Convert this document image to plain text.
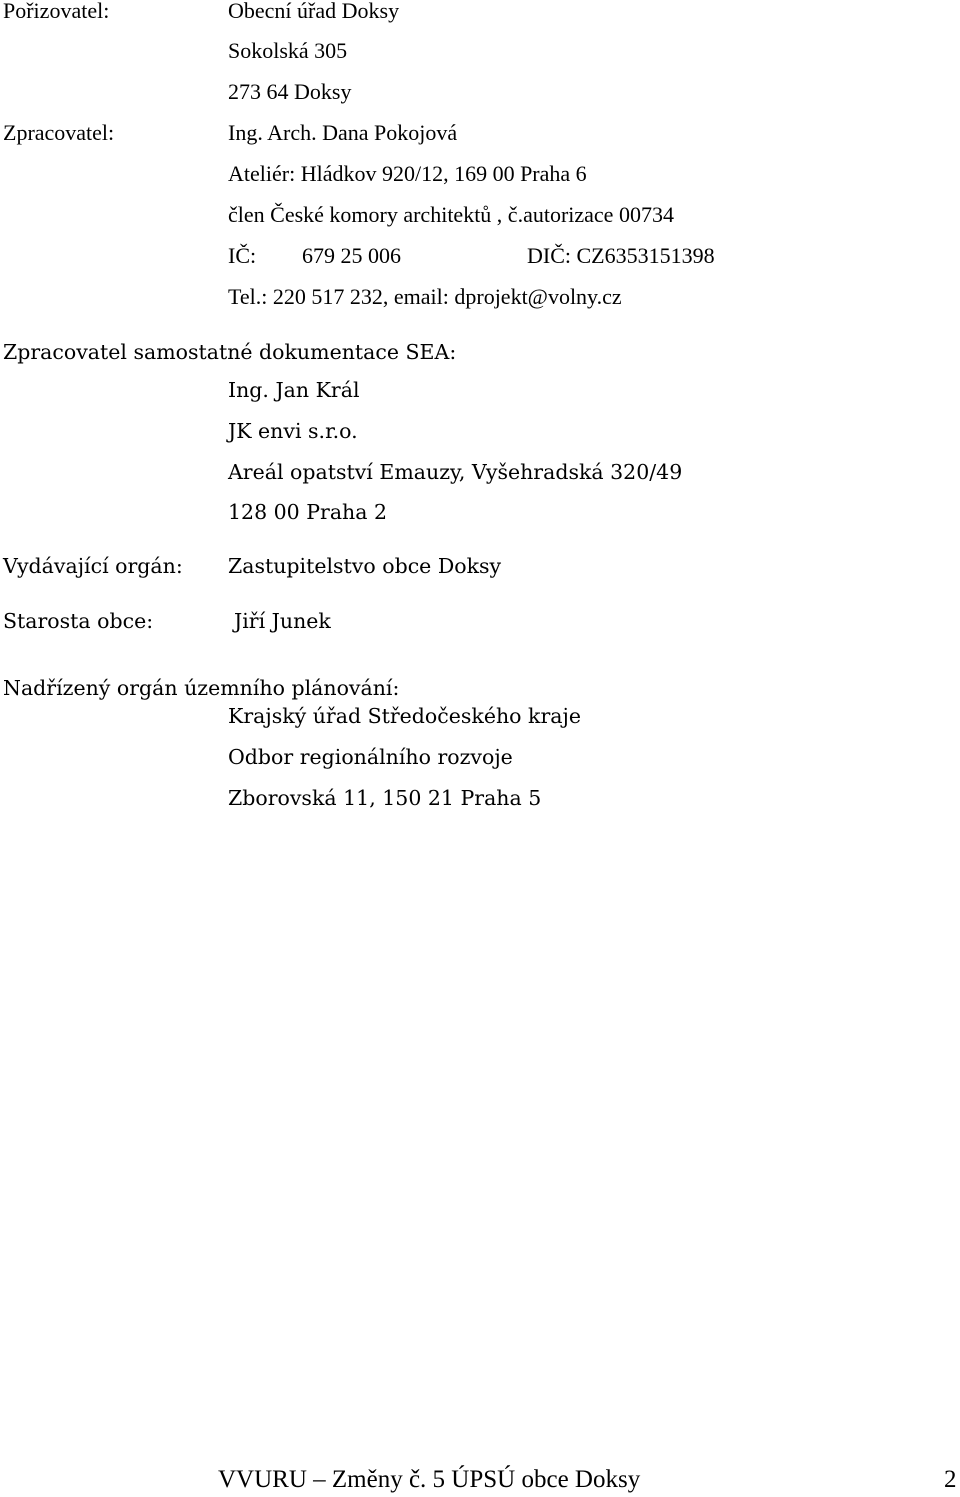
Pořizovatel:	Obecní úřad Doksy
Sokolská 305
273 64 Doksy
Zpracovatel:	Ing. Arch. Dana Pokojová
Ateliér: Hládkov 920/12, 169 00 Praha 6
člen České komory architektů , č.autorizace 00734
IČ: 679 25 006	DIČ: CZ6353151398
Tel.: 220 517 232, email: dprojekt@volny.cz
Zpracovatel samostatné dokumentace SEA:
Ing. Jan Král
JK envi s.r.o.
Areál opatství Emauzy, Vyšehradská 320/49
128 00 Praha 2
Vydávající orgán: Zastupitelstvo obce Doksy
Starosta obce:	Jiří Junek
Nadřízený orgán územního plánování:
Krajský úřad Středočeského kraje
Odbor regionálního rozvoje
Zborovská 11, 150 21 Praha 5
VVURU – Změny č. 5 ÚPSÚ obce Doksy	2
